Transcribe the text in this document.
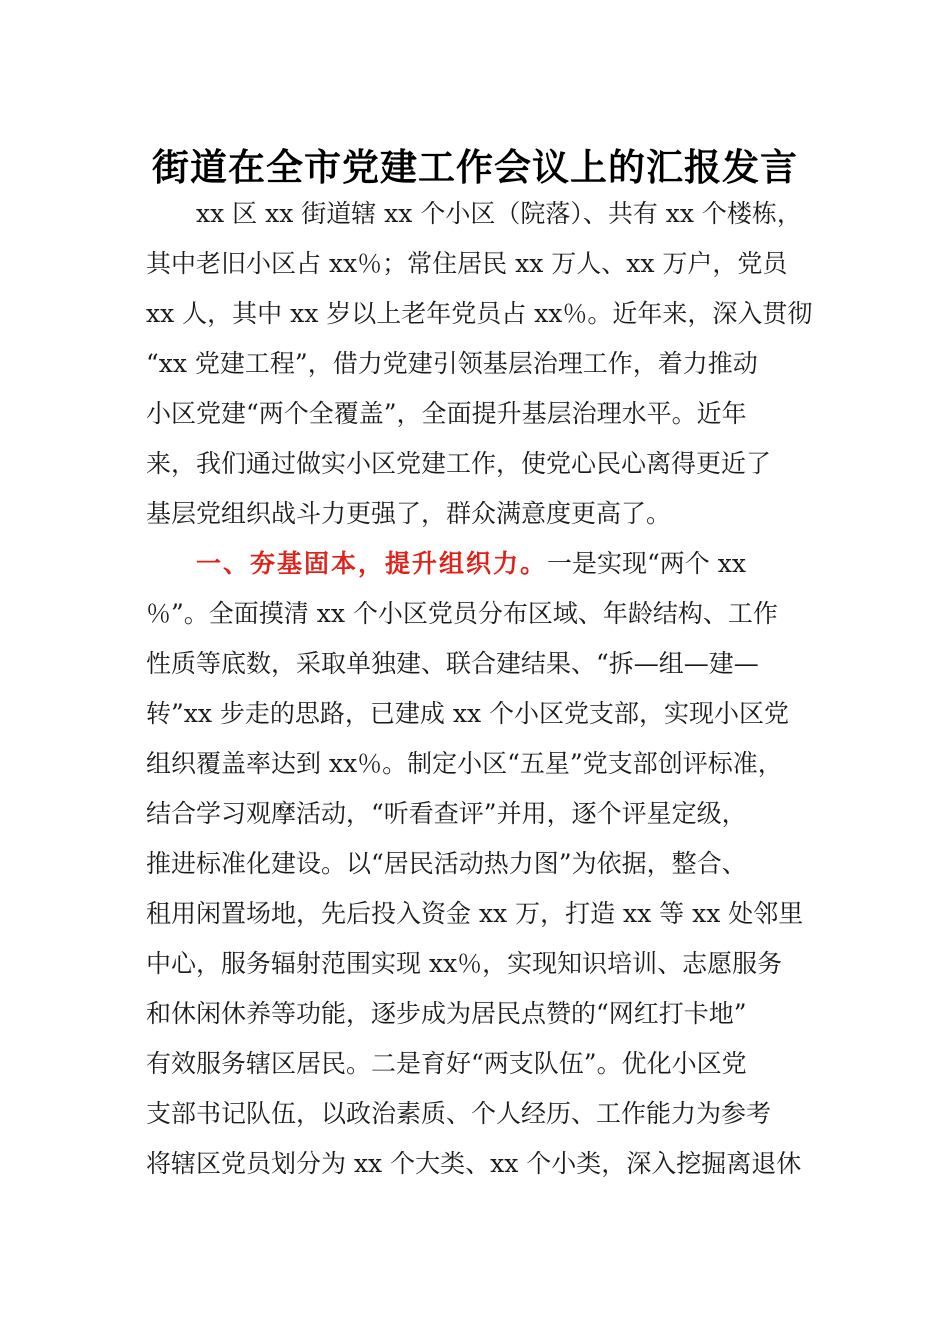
街道在全市党建工作会议上的汇报发言

xx 区 xx 街道辖 xx 个小区（院落）、共有 xx 个楼栋，

其中老旧小区占 xx％；常住居民 xx 万人、xx 万户，党员

xx 人，其中 xx 岁以上老年党员占 xx％。近年来，深入贯彻

“xx 党建工程”，借力党建引领基层治理工作，着力推动

小区党建“两个全覆盖”，全面提升基层治理水平。近年

来，我们通过做实小区党建工作，使党心民心离得更近了

基层党组织战斗力更强了，群众满意度更高了。

一、夯基固本，提升组织力。一是实现“两个 xx

％”。全面摸清 xx 个小区党员分布区域、年龄结构、工作

性质等底数，采取单独建、联合建结果、“拆—组—建—

转”xx 步走的思路，已建成 xx 个小区党支部，实现小区党

组织覆盖率达到 xx％。制定小区“五星”党支部创评标准，

结合学习观摩活动，“听看查评”并用，逐个评星定级，

推进标准化建设。以“居民活动热力图”为依据，整合、

租用闲置场地，先后投入资金 xx 万，打造 xx 等 xx 处邻里

中心，服务辐射范围实现 xx％，实现知识培训、志愿服务

和休闲休养等功能，逐步成为居民点赞的“网红打卡地”

有效服务辖区居民。二是育好“两支队伍”。优化小区党

支部书记队伍，以政治素质、个人经历、工作能力为参考

将辖区党员划分为 xx 个大类、xx 个小类，深入挖掘离退休
